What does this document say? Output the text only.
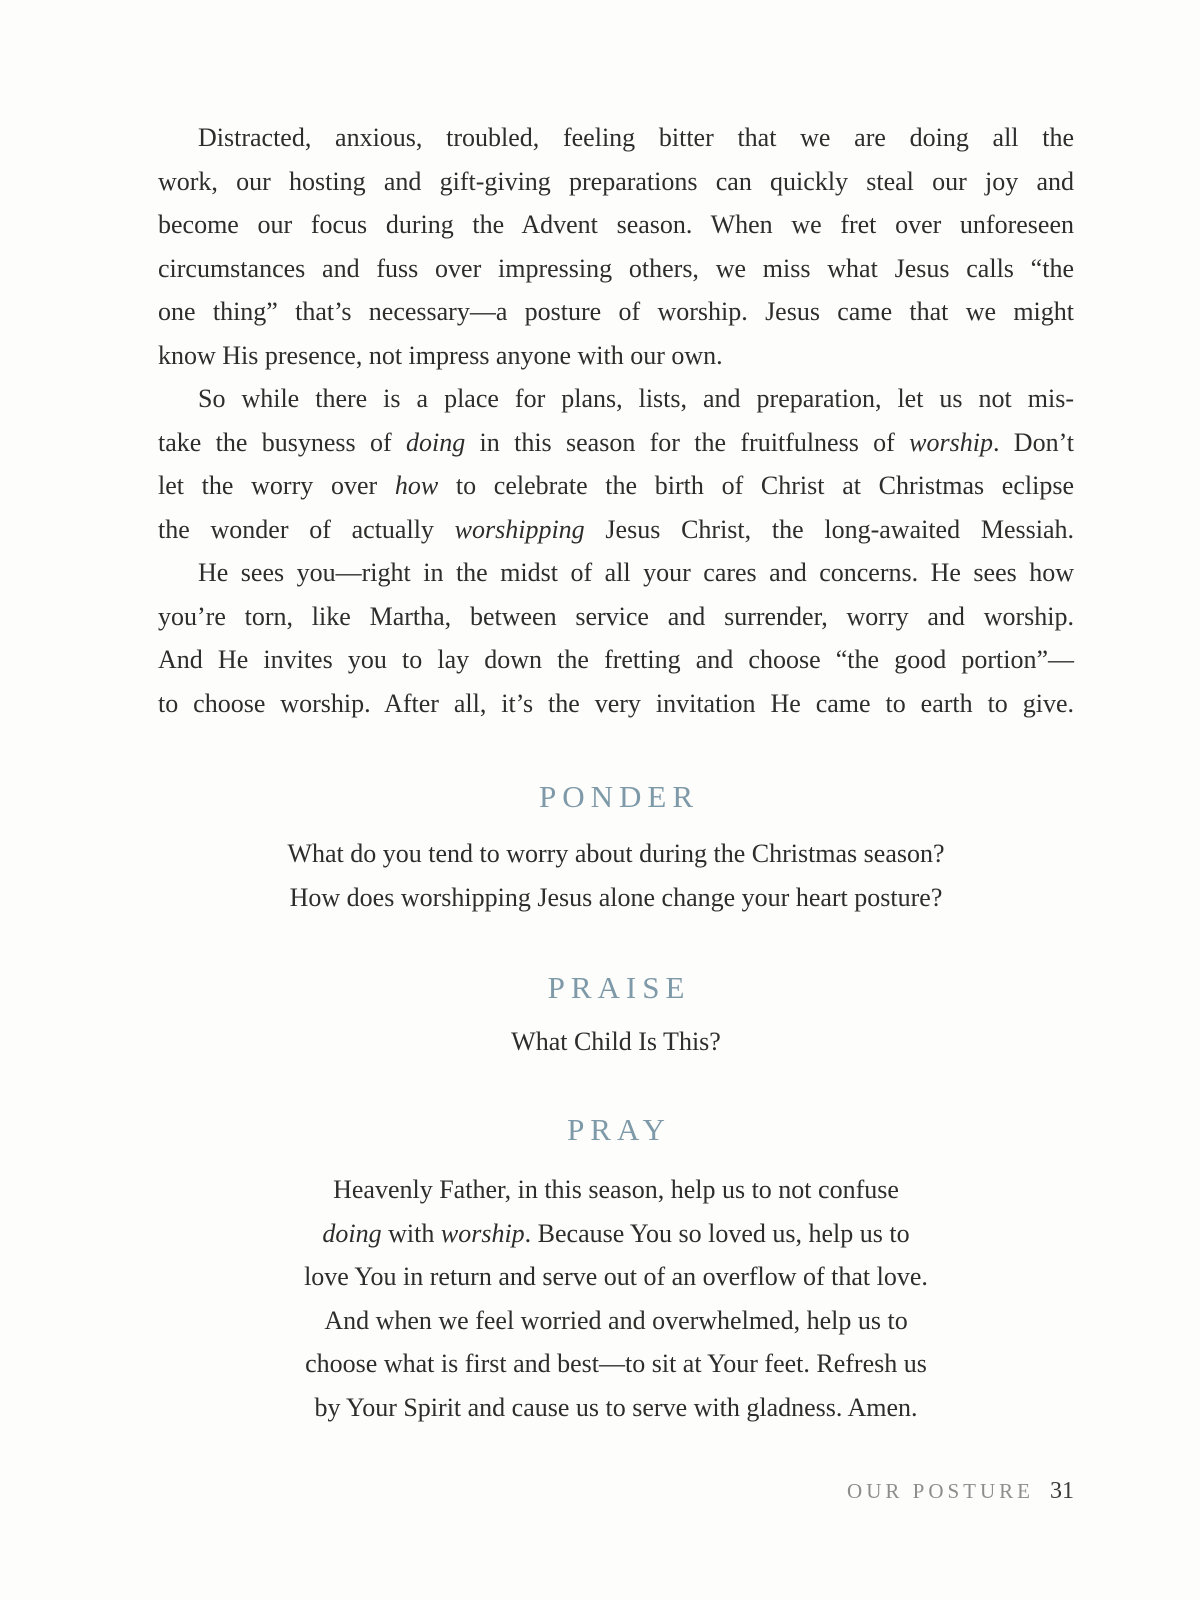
Distracted, anxious, troubled, feeling bitter that we are doing all the
work, our hosting and gift-giving preparations can quickly steal our joy and
become our focus during the Advent season. When we fret over unforeseen
circumstances and fuss over impressing others, we miss what Jesus calls “the
one thing” that’s necessary—a posture of worship. Jesus came that we might
know His presence, not impress anyone with our own.
So while there is a place for plans, lists, and preparation, let us not mis-
take the busyness of doing in this season for the fruitfulness of worship. Don’t
let the worry over how to celebrate the birth of Christ at Christmas eclipse
the wonder of actually worshipping Jesus Christ, the long-awaited Messiah.
He sees you—right in the midst of all your cares and concerns. He sees how
you’re torn, like Martha, between service and surrender, worry and worship.
And He invites you to lay down the fretting and choose “the good portion”—
to choose worship. After all, it’s the very invitation He came to earth to give.
PONDER
What do you tend to worry about during the Christmas season?
How does worshipping Jesus alone change your heart posture?
PRAISE
What Child Is This?
PRAY
Heavenly Father, in this season, help us to not confuse
doing with worship. Because You so loved us, help us to
love You in return and serve out of an overflow of that love.
And when we feel worried and overwhelmed, help us to
choose what is first and best—to sit at Your feet. Refresh us
by Your Spirit and cause us to serve with gladness. Amen.
OUR POSTURE 31
